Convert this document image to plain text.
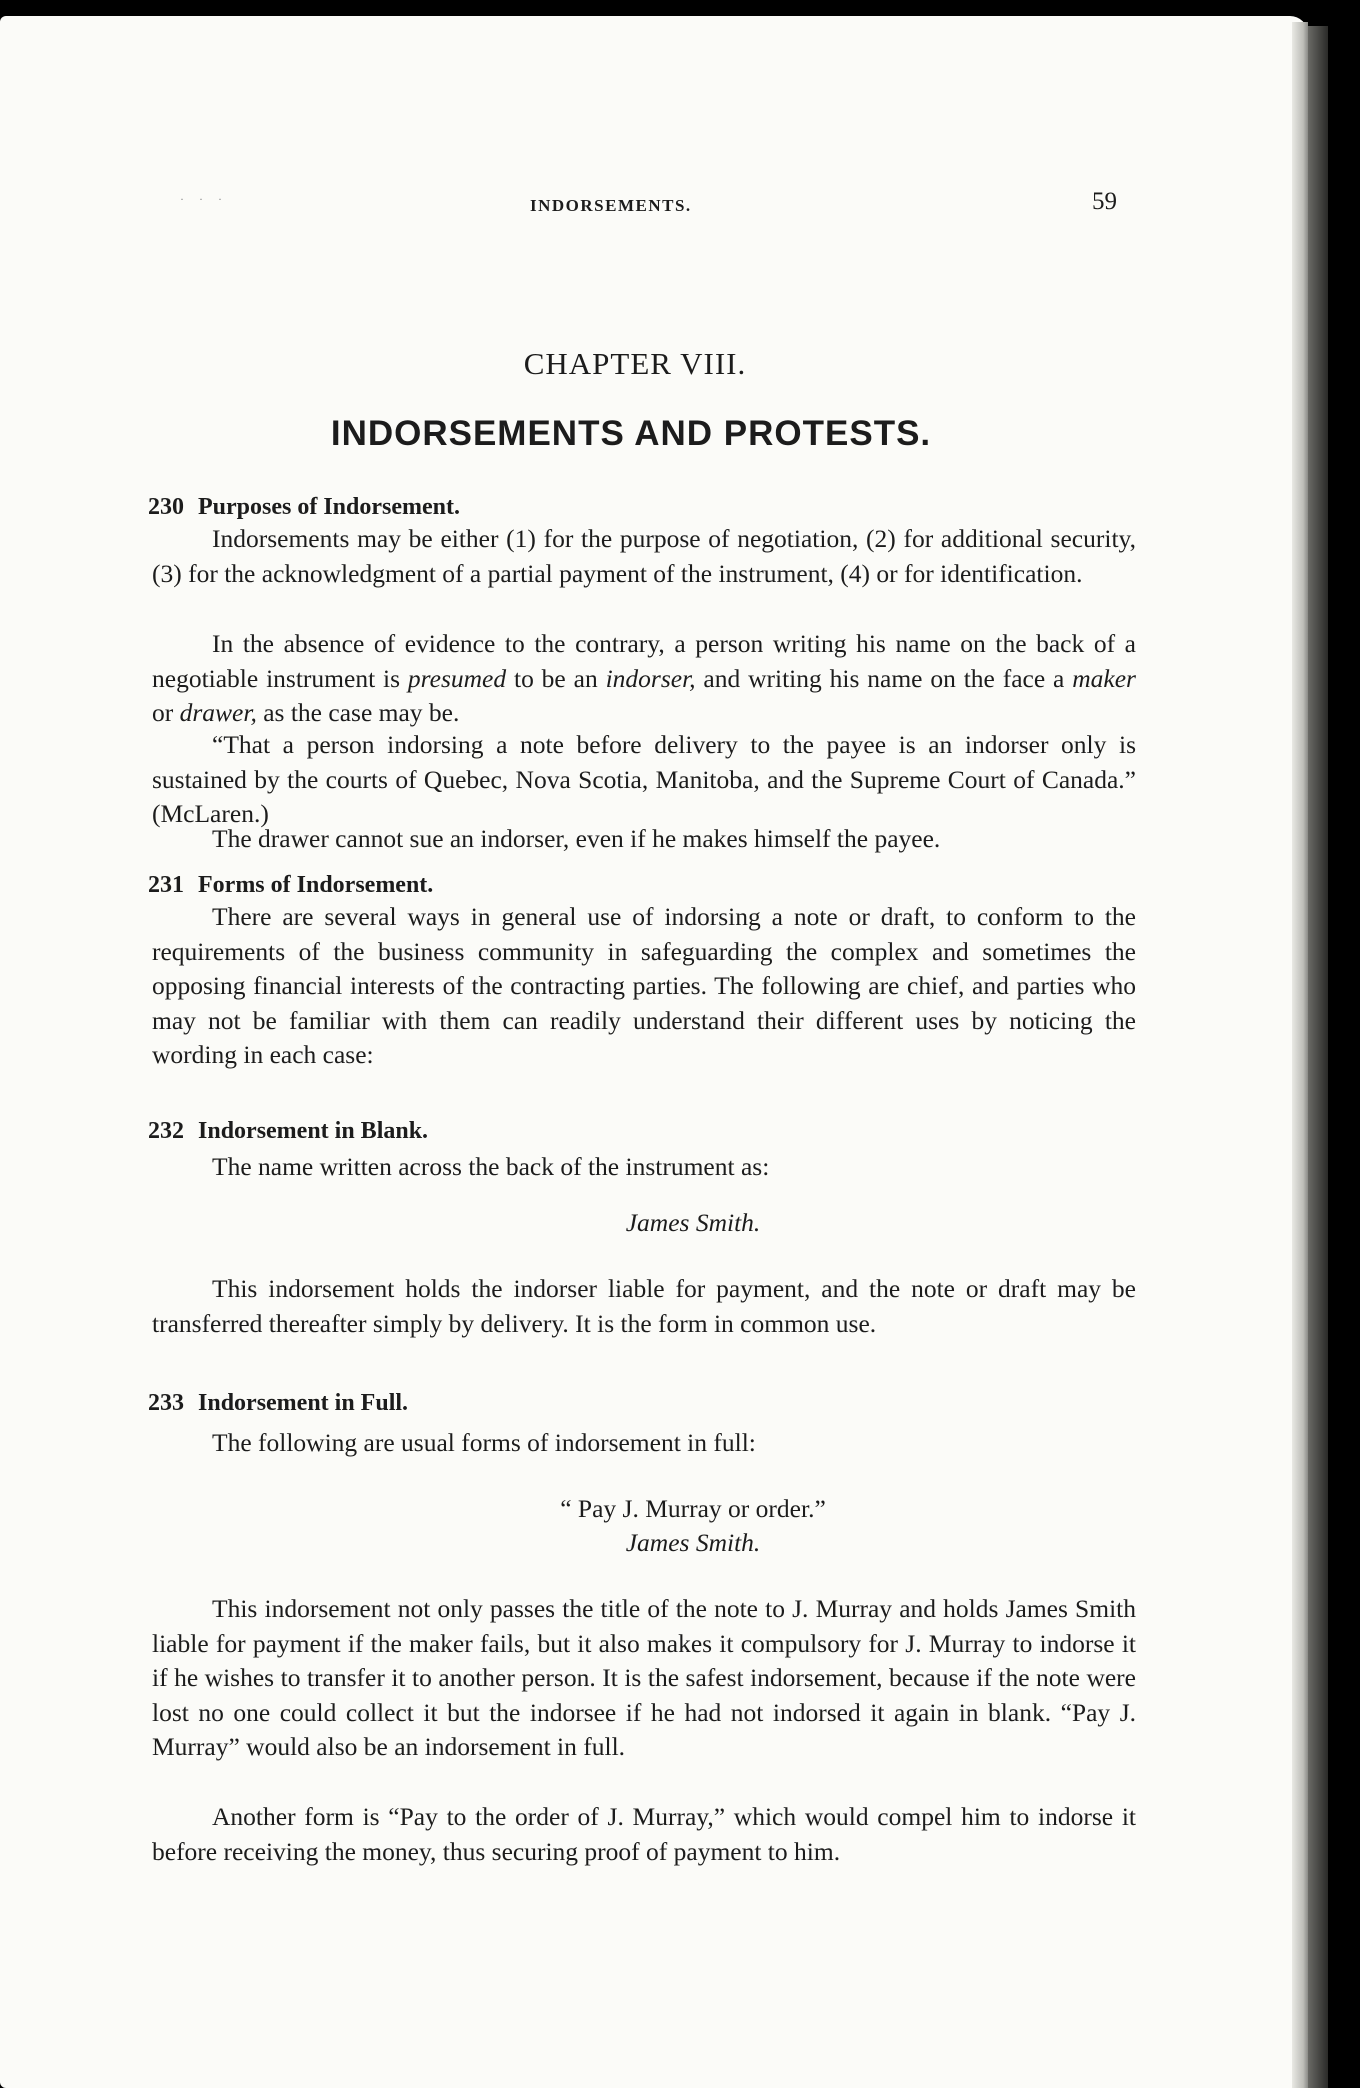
· · ·	INDORSEMENTS.	59
CHAPTER VIII.
INDORSEMENTS AND PROTESTS.
230 Purposes of Indorsement.

Indorsements may be either (1) for the purpose of negotiation, (2) for additional security, (3) for the acknowledgment of a partial payment of the instrument, (4) or for identification.

In the absence of evidence to the contrary, a person writing his name on the back of a negotiable instrument is presumed to be an indorser, and writing his name on the face a maker or drawer, as the case may be.

“That a person indorsing a note before delivery to the payee is an indorser only is sustained by the courts of Quebec, Nova Scotia, Manitoba, and the Supreme Court of Canada.” (McLaren.)

The drawer cannot sue an indorser, even if he makes himself the payee.

231 Forms of Indorsement.

There are several ways in general use of indorsing a note or draft, to conform to the requirements of the business community in safeguarding the complex and sometimes the opposing financial interests of the contracting parties. The following are chief, and parties who may not be familiar with them can readily understand their different uses by noticing the wording in each case:

232 Indorsement in Blank.

The name written across the back of the instrument as:

James Smith.

This indorsement holds the indorser liable for payment, and the note or draft may be transferred thereafter simply by delivery. It is the form in common use.

233 Indorsement in Full.

The following are usual forms of indorsement in full:

“ Pay J. Murray or order.”
James Smith.

This indorsement not only passes the title of the note to J. Murray and holds James Smith liable for payment if the maker fails, but it also makes it compulsory for J. Murray to indorse it if he wishes to transfer it to another person. It is the safest indorsement, because if the note were lost no one could collect it but the indorsee if he had not indorsed it again in blank. “Pay J. Murray” would also be an indorsement in full.

Another form is “Pay to the order of J. Murray,” which would compel him to indorse it before receiving the money, thus securing proof of payment to him.
